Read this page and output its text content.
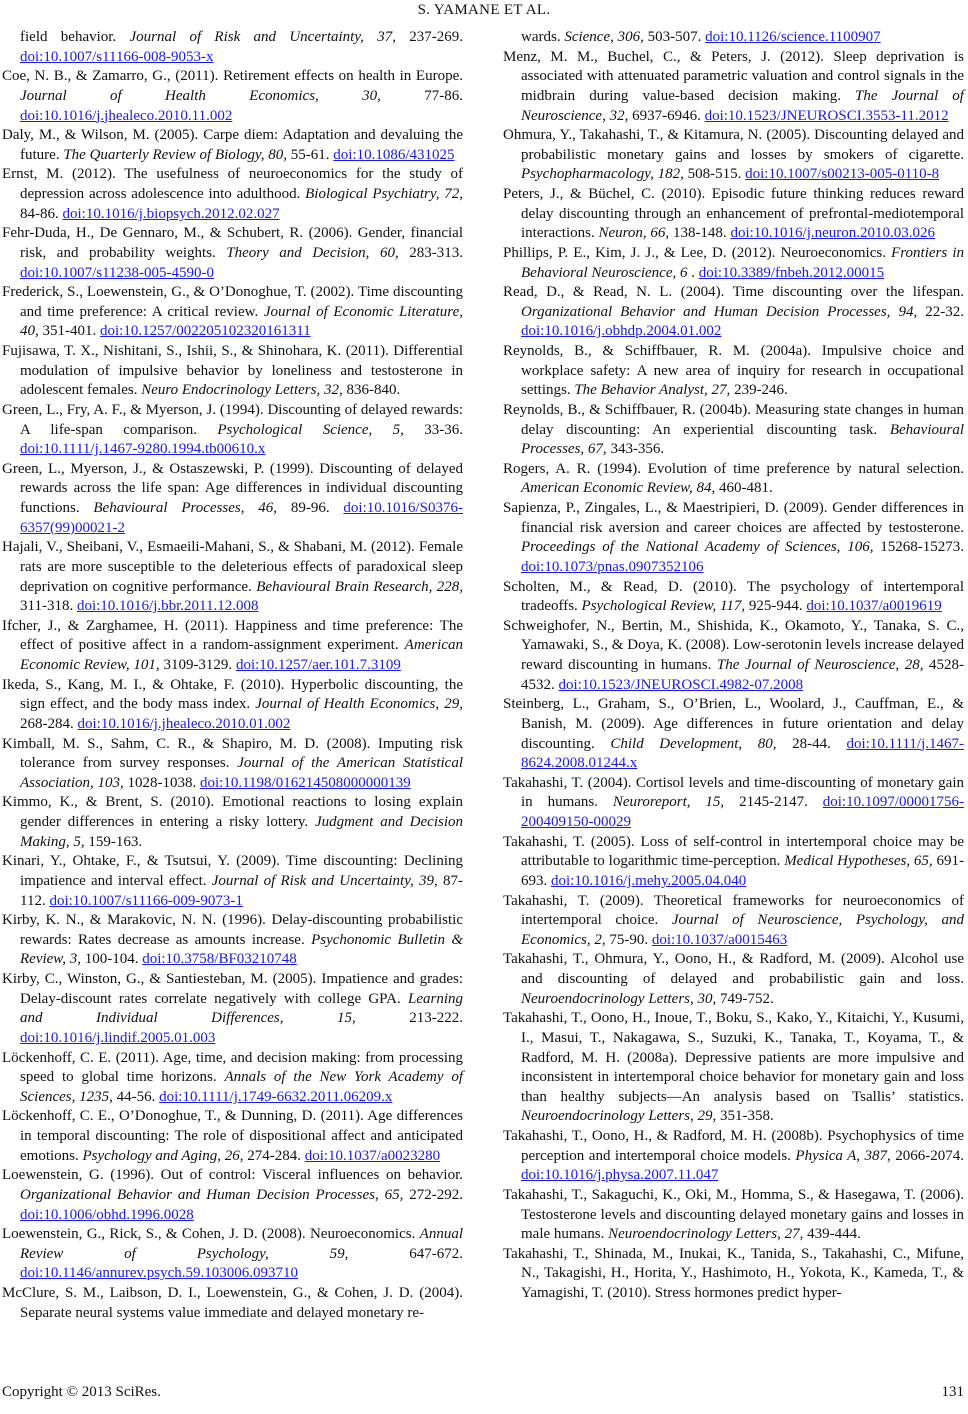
S. YAMANE ET AL.
field behavior. Journal of Risk and Uncertainty, 37, 237-269. doi:10.1007/s11166-008-9053-x
Coe, N. B., & Zamarro, G., (2011). Retirement effects on health in Europe. Journal of Health Economics, 30, 77-86. doi:10.1016/j.jhealeco.2010.11.002
Daly, M., & Wilson, M. (2005). Carpe diem: Adaptation and devaluing the future. The Quarterly Review of Biology, 80, 55-61. doi:10.1086/431025
Ernst, M. (2012). The usefulness of neuroeconomics for the study of depression across adolescence into adulthood. Biological Psychiatry, 72, 84-86. doi:10.1016/j.biopsych.2012.02.027
Fehr-Duda, H., De Gennaro, M., & Schubert, R. (2006). Gender, financial risk, and probability weights. Theory and Decision, 60, 283-313. doi:10.1007/s11238-005-4590-0
Frederick, S., Loewenstein, G., & O’Donoghue, T. (2002). Time discounting and time preference: A critical review. Journal of Economic Literature, 40, 351-401. doi:10.1257/002205102320161311
Fujisawa, T. X., Nishitani, S., Ishii, S., & Shinohara, K. (2011). Differential modulation of impulsive behavior by loneliness and testosterone in adolescent females. Neuro Endocrinology Letters, 32, 836-840.
Green, L., Fry, A. F., & Myerson, J. (1994). Discounting of delayed rewards: A life-span comparison. Psychological Science, 5, 33-36. doi:10.1111/j.1467-9280.1994.tb00610.x
Green, L., Myerson, J., & Ostaszewski, P. (1999). Discounting of delayed rewards across the life span: Age differences in individual discounting functions. Behavioural Processes, 46, 89-96. doi:10.1016/S0376-6357(99)00021-2
Hajali, V., Sheibani, V., Esmaeili-Mahani, S., & Shabani, M. (2012). Female rats are more susceptible to the deleterious effects of paradoxical sleep deprivation on cognitive performance. Behavioural Brain Research, 228, 311-318. doi:10.1016/j.bbr.2011.12.008
Ifcher, J., & Zarghamee, H. (2011). Happiness and time preference: The effect of positive affect in a random-assignment experiment. American Economic Review, 101, 3109-3129. doi:10.1257/aer.101.7.3109
Ikeda, S., Kang, M. I., & Ohtake, F. (2010). Hyperbolic discounting, the sign effect, and the body mass index. Journal of Health Economics, 29, 268-284. doi:10.1016/j.jhealeco.2010.01.002
Kimball, M. S., Sahm, C. R., & Shapiro, M. D. (2008). Imputing risk tolerance from survey responses. Journal of the American Statistical Association, 103, 1028-1038. doi:10.1198/016214508000000139
Kimmo, K., & Brent, S. (2010). Emotional reactions to losing explain gender differences in entering a risky lottery. Judgment and Decision Making, 5, 159-163.
Kinari, Y., Ohtake, F., & Tsutsui, Y. (2009). Time discounting: Declining impatience and interval effect. Journal of Risk and Uncertainty, 39, 87-112. doi:10.1007/s11166-009-9073-1
Kirby, K. N., & Marakovic, N. N. (1996). Delay-discounting probabilistic rewards: Rates decrease as amounts increase. Psychonomic Bulletin & Review, 3, 100-104. doi:10.3758/BF03210748
Kirby, C., Winston, G., & Santiesteban, M. (2005). Impatience and grades: Delay-discount rates correlate negatively with college GPA. Learning and Individual Differences, 15, 213-222. doi:10.1016/j.lindif.2005.01.003
Löckenhoff, C. E. (2011). Age, time, and decision making: from processing speed to global time horizons. Annals of the New York Academy of Sciences, 1235, 44-56. doi:10.1111/j.1749-6632.2011.06209.x
Löckenhoff, C. E., O’Donoghue, T., & Dunning, D. (2011). Age differences in temporal discounting: The role of dispositional affect and anticipated emotions. Psychology and Aging, 26, 274-284. doi:10.1037/a0023280
Loewenstein, G. (1996). Out of control: Visceral influences on behavior. Organizational Behavior and Human Decision Processes, 65, 272-292. doi:10.1006/obhd.1996.0028
Loewenstein, G., Rick, S., & Cohen, J. D. (2008). Neuroeconomics. Annual Review of Psychology, 59, 647-672. doi:10.1146/annurev.psych.59.103006.093710
McClure, S. M., Laibson, D. I., Loewenstein, G., & Cohen, J. D. (2004). Separate neural systems value immediate and delayed monetary re-
wards. Science, 306, 503-507. doi:10.1126/science.1100907
Menz, M. M., Buchel, C., & Peters, J. (2012). Sleep deprivation is associated with attenuated parametric valuation and control signals in the midbrain during value-based decision making. The Journal of Neuroscience, 32, 6937-6946. doi:10.1523/JNEUROSCI.3553-11.2012
Ohmura, Y., Takahashi, T., & Kitamura, N. (2005). Discounting delayed and probabilistic monetary gains and losses by smokers of cigarette. Psychopharmacology, 182, 508-515. doi:10.1007/s00213-005-0110-8
Peters, J., & Büchel, C. (2010). Episodic future thinking reduces reward delay discounting through an enhancement of prefrontal-mediotemporal interactions. Neuron, 66, 138-148. doi:10.1016/j.neuron.2010.03.026
Phillips, P. E., Kim, J. J., & Lee, D. (2012). Neuroeconomics. Frontiers in Behavioral Neuroscience, 6 . doi:10.3389/fnbeh.2012.00015
Read, D., & Read, N. L. (2004). Time discounting over the lifespan. Organizational Behavior and Human Decision Processes, 94, 22-32. doi:10.1016/j.obhdp.2004.01.002
Reynolds, B., & Schiffbauer, R. M. (2004a). Impulsive choice and workplace safety: A new area of inquiry for research in occupational settings. The Behavior Analyst, 27, 239-246.
Reynolds, B., & Schiffbauer, R. (2004b). Measuring state changes in human delay discounting: An experiential discounting task. Behavioural Processes, 67, 343-356.
Rogers, A. R. (1994). Evolution of time preference by natural selection. American Economic Review, 84, 460-481.
Sapienza, P., Zingales, L., & Maestripieri, D. (2009). Gender differences in financial risk aversion and career choices are affected by testosterone. Proceedings of the National Academy of Sciences, 106, 15268-15273. doi:10.1073/pnas.0907352106
Scholten, M., & Read, D. (2010). The psychology of intertemporal tradeoffs. Psychological Review, 117, 925-944. doi:10.1037/a0019619
Schweighofer, N., Bertin, M., Shishida, K., Okamoto, Y., Tanaka, S. C., Yamawaki, S., & Doya, K. (2008). Low-serotonin levels increase delayed reward discounting in humans. The Journal of Neuroscience, 28, 4528-4532. doi:10.1523/JNEUROSCI.4982-07.2008
Steinberg, L., Graham, S., O’Brien, L., Woolard, J., Cauffman, E., & Banish, M. (2009). Age differences in future orientation and delay discounting. Child Development, 80, 28-44. doi:10.1111/j.1467-8624.2008.01244.x
Takahashi, T. (2004). Cortisol levels and time-discounting of monetary gain in humans. Neuroreport, 15, 2145-2147. doi:10.1097/00001756-200409150-00029
Takahashi, T. (2005). Loss of self-control in intertemporal choice may be attributable to logarithmic time-perception. Medical Hypotheses, 65, 691-693. doi:10.1016/j.mehy.2005.04.040
Takahashi, T. (2009). Theoretical frameworks for neuroeconomics of intertemporal choice. Journal of Neuroscience, Psychology, and Economics, 2, 75-90. doi:10.1037/a0015463
Takahashi, T., Ohmura, Y., Oono, H., & Radford, M. (2009). Alcohol use and discounting of delayed and probabilistic gain and loss. Neuroendocrinology Letters, 30, 749-752.
Takahashi, T., Oono, H., Inoue, T., Boku, S., Kako, Y., Kitaichi, Y., Kusumi, I., Masui, T., Nakagawa, S., Suzuki, K., Tanaka, T., Koyama, T., & Radford, M. H. (2008a). Depressive patients are more impulsive and inconsistent in intertemporal choice behavior for monetary gain and loss than healthy subjects—An analysis based on Tsallis’ statistics. Neuroendocrinology Letters, 29, 351-358.
Takahashi, T., Oono, H., & Radford, M. H. (2008b). Psychophysics of time perception and intertemporal choice models. Physica A, 387, 2066-2074. doi:10.1016/j.physa.2007.11.047
Takahashi, T., Sakaguchi, K., Oki, M., Homma, S., & Hasegawa, T. (2006). Testosterone levels and discounting delayed monetary gains and losses in male humans. Neuroendocrinology Letters, 27, 439-444.
Takahashi, T., Shinada, M., Inukai, K., Tanida, S., Takahashi, C., Mifune, N., Takagishi, H., Horita, Y., Hashimoto, H., Yokota, K., Kameda, T., & Yamagishi, T. (2010). Stress hormones predict hyper-
Copyright © 2013 SciRes.	131
